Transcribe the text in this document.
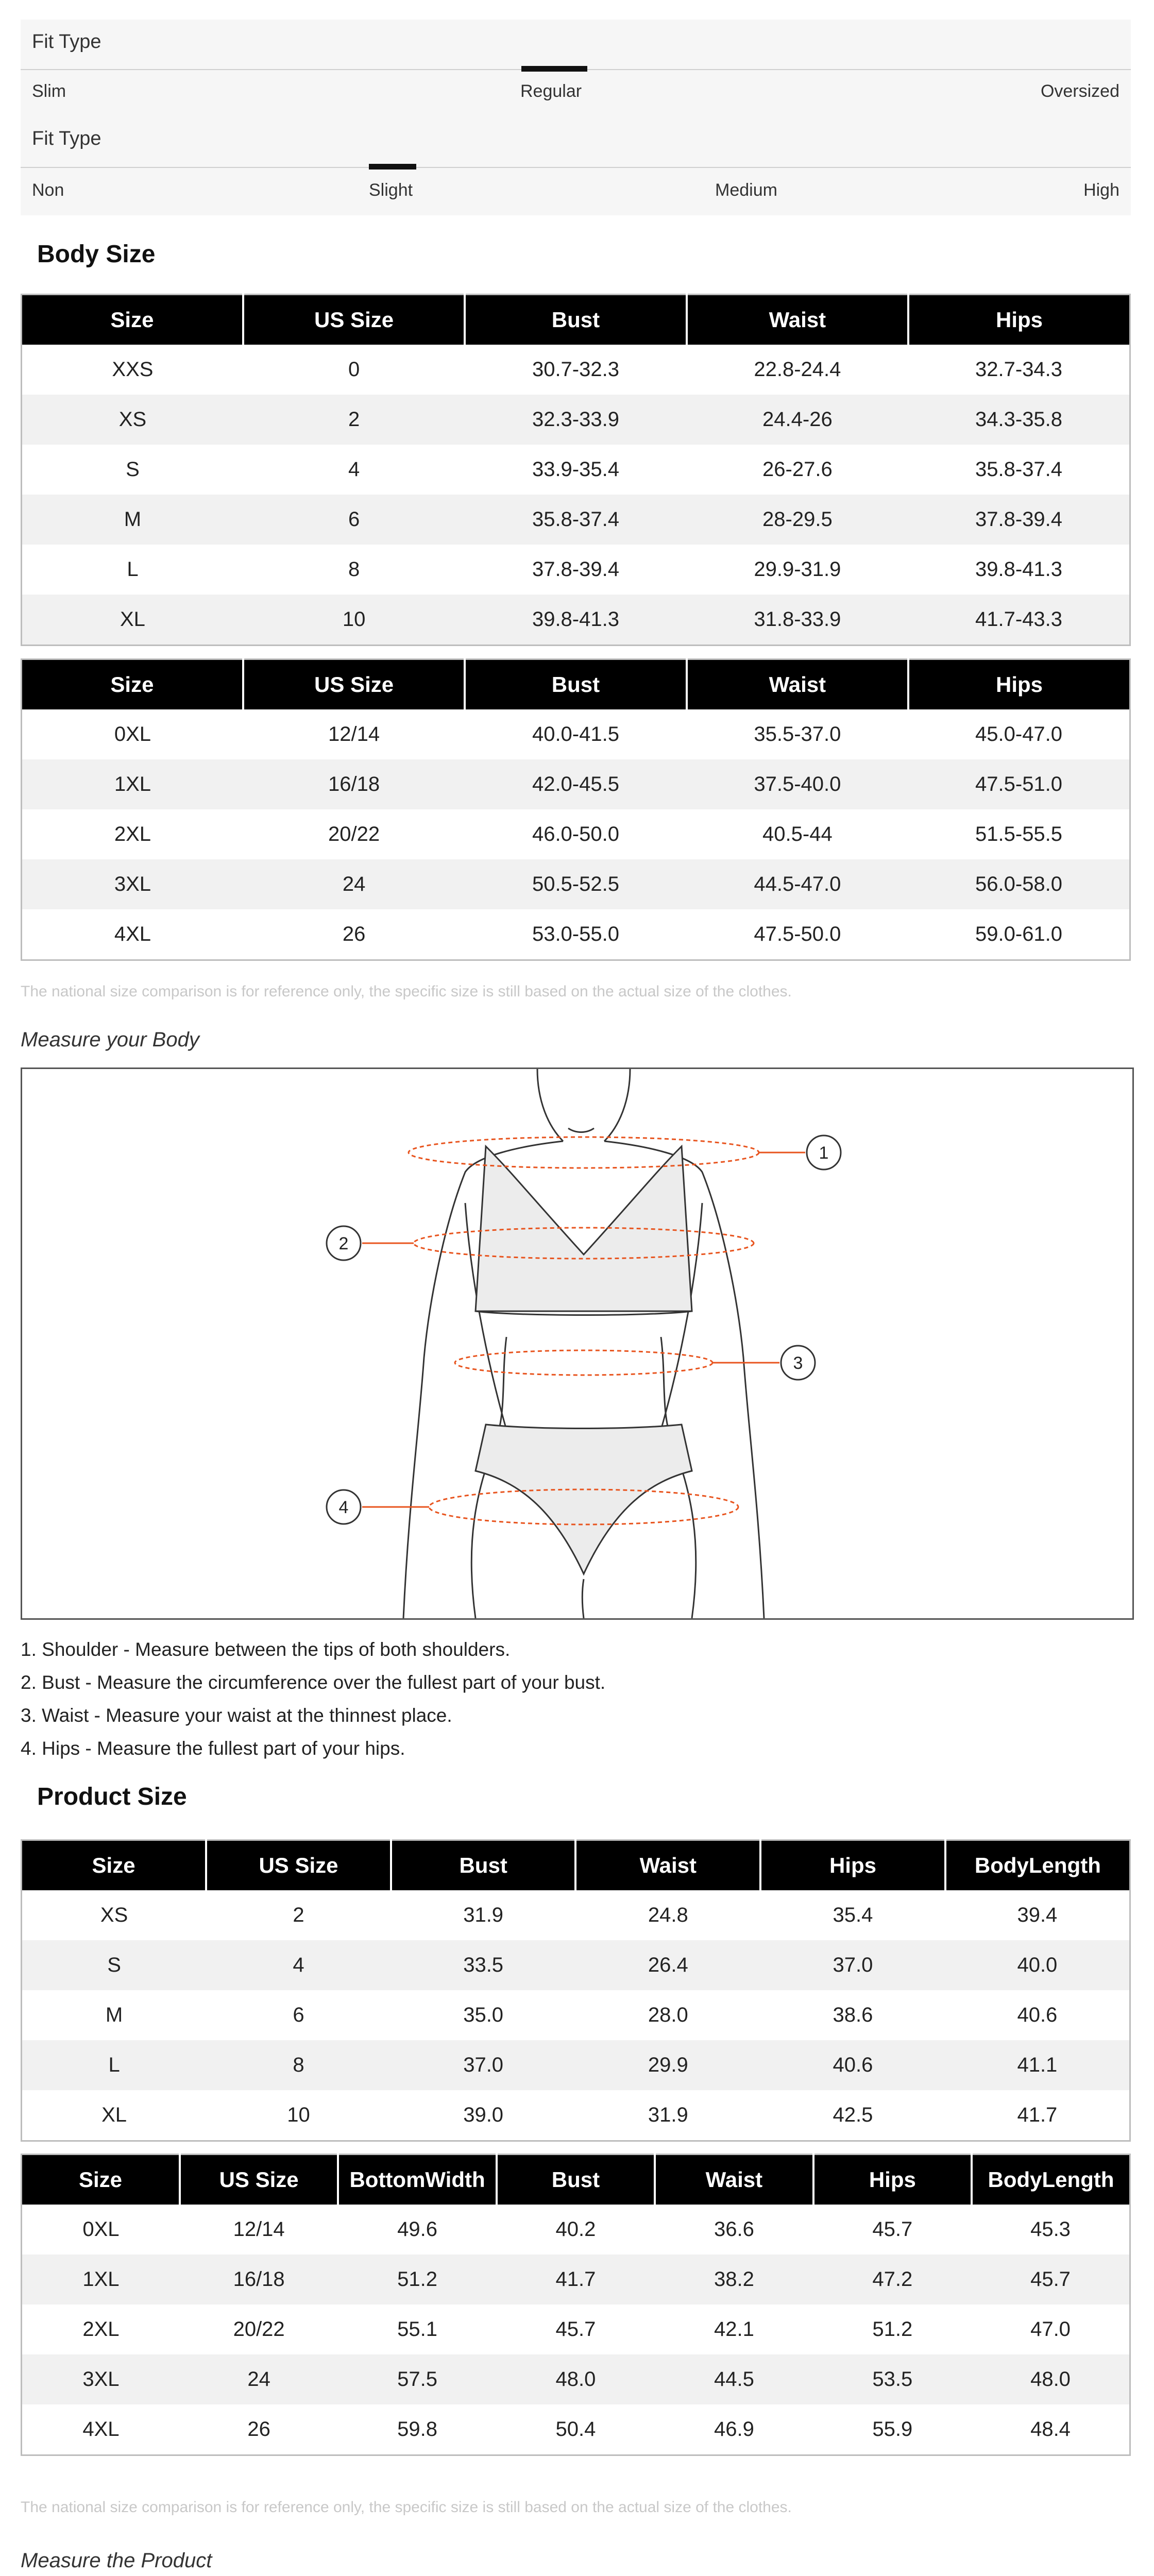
Fit Type
Slim	Regular	Oversized
Fit Type
Non	Slight	Medium	High
Body Size
Size	US Size	Bust	Waist	Hips
XXS	0	30.7-32.3	22.8-24.4	32.7-34.3
XS	2	32.3-33.9	24.4-26	34.3-35.8
S	4	33.9-35.4	26-27.6	35.8-37.4
M	6	35.8-37.4	28-29.5	37.8-39.4
L	8	37.8-39.4	29.9-31.9	39.8-41.3
XL	10	39.8-41.3	31.8-33.9	41.7-43.3
Size	US Size	Bust	Waist	Hips
0XL	12/14	40.0-41.5	35.5-37.0	45.0-47.0
1XL	16/18	42.0-45.5	37.5-40.0	47.5-51.0
2XL	20/22	46.0-50.0	40.5-44	51.5-55.5
3XL	24	50.5-52.5	44.5-47.0	56.0-58.0
4XL	26	53.0-55.0	47.5-50.0	59.0-61.0
The national size comparison is for reference only, the specific size is still based on the actual size of the clothes.
Measure your Body
1
2
3
4
1. Shoulder - Measure between the tips of both shoulders.
2. Bust - Measure the circumference over the fullest part of your bust.
3. Waist - Measure your waist at the thinnest place.
4. Hips - Measure the fullest part of your hips.
Product Size
Size	US Size	Bust	Waist	Hips	BodyLength
XS	2	31.9	24.8	35.4	39.4
S	4	33.5	26.4	37.0	40.0
M	6	35.0	28.0	38.6	40.6
L	8	37.0	29.9	40.6	41.1
XL	10	39.0	31.9	42.5	41.7
Size	US Size	BottomWidth	Bust	Waist	Hips	BodyLength
0XL	12/14	49.6	40.2	36.6	45.7	45.3
1XL	16/18	51.2	41.7	38.2	47.2	45.7
2XL	20/22	55.1	45.7	42.1	51.2	47.0
3XL	24	57.5	48.0	44.5	53.5	48.0
4XL	26	59.8	50.4	46.9	55.9	48.4
The national size comparison is for reference only, the specific size is still based on the actual size of the clothes.
Measure the Product
